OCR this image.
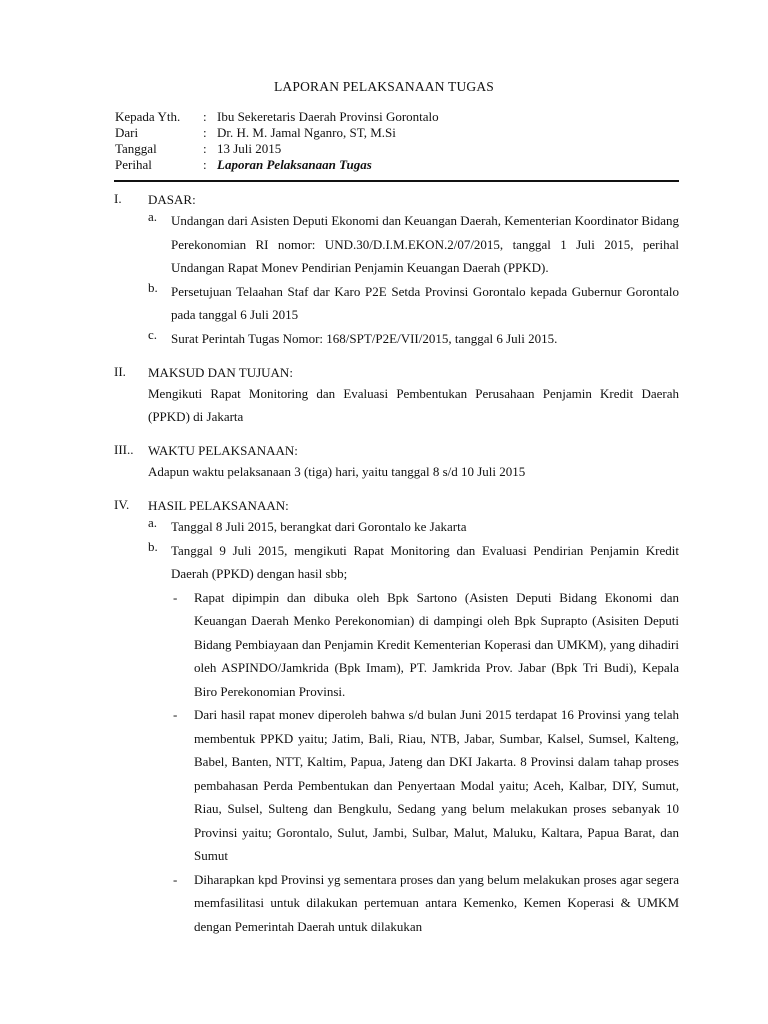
LAPORAN PELAKSANAAN TUGAS
Kepada Yth.	: Ibu Sekeretaris Daerah Provinsi Gorontalo
Dari	: Dr. H. M. Jamal Nganro, ST, M.Si
Tanggal	: 13 Juli 2015
Perihal	: Laporan Pelaksanaan Tugas
I.	DASAR:
a.	Undangan dari Asisten Deputi Ekonomi dan Keuangan Daerah, Kementerian Koordinator Bidang Perekonomian RI nomor: UND.30/D.I.M.EKON.2/07/2015, tanggal 1 Juli 2015, perihal Undangan Rapat Monev Pendirian Penjamin Keuangan Daerah (PPKD).
b.	Persetujuan Telaahan Staf dar Karo P2E Setda Provinsi Gorontalo kepada Gubernur Gorontalo pada tanggal 6 Juli 2015
c.	Surat Perintah Tugas Nomor: 168/SPT/P2E/VII/2015, tanggal 6 Juli 2015.
II.	MAKSUD DAN TUJUAN:
Mengikuti Rapat Monitoring dan Evaluasi Pembentukan Perusahaan Penjamin Kredit Daerah (PPKD) di Jakarta
III..	WAKTU PELAKSANAAN:
Adapun waktu pelaksanaan 3 (tiga) hari, yaitu tanggal 8 s/d 10 Juli 2015
IV.	HASIL PELAKSANAAN:
a.	Tanggal 8 Juli 2015, berangkat dari Gorontalo ke Jakarta
b.	Tanggal 9 Juli 2015, mengikuti Rapat Monitoring dan Evaluasi Pendirian Penjamin Kredit Daerah (PPKD) dengan hasil sbb;
-	Rapat dipimpin dan dibuka oleh Bpk Sartono (Asisten Deputi Bidang Ekonomi dan Keuangan Daerah Menko Perekonomian) di dampingi oleh Bpk Suprapto (Asisiten Deputi Bidang Pembiayaan dan Penjamin Kredit Kementerian Koperasi dan UMKM), yang dihadiri oleh ASPINDO/Jamkrida (Bpk Imam), PT. Jamkrida Prov. Jabar (Bpk Tri Budi), Kepala Biro Perekonomian Provinsi.
-	Dari hasil rapat monev diperoleh bahwa s/d bulan Juni 2015 terdapat 16 Provinsi yang telah membentuk PPKD yaitu; Jatim, Bali, Riau, NTB, Jabar, Sumbar, Kalsel, Sumsel, Kalteng, Babel, Banten, NTT, Kaltim, Papua, Jateng dan DKI Jakarta. 8 Provinsi dalam tahap proses pembahasan Perda Pembentukan dan Penyertaan Modal yaitu; Aceh, Kalbar, DIY, Sumut, Riau, Sulsel, Sulteng dan Bengkulu, Sedang yang belum melakukan proses sebanyak 10 Provinsi yaitu; Gorontalo, Sulut, Jambi, Sulbar, Malut, Maluku, Kaltara, Papua Barat, dan Sumut
-	Diharapkan kpd Provinsi yg sementara proses dan yang belum melakukan proses agar segera memfasilitasi untuk dilakukan pertemuan antara Kemenko, Kemen Koperasi & UMKM dengan Pemerintah Daerah untuk dilakukan
